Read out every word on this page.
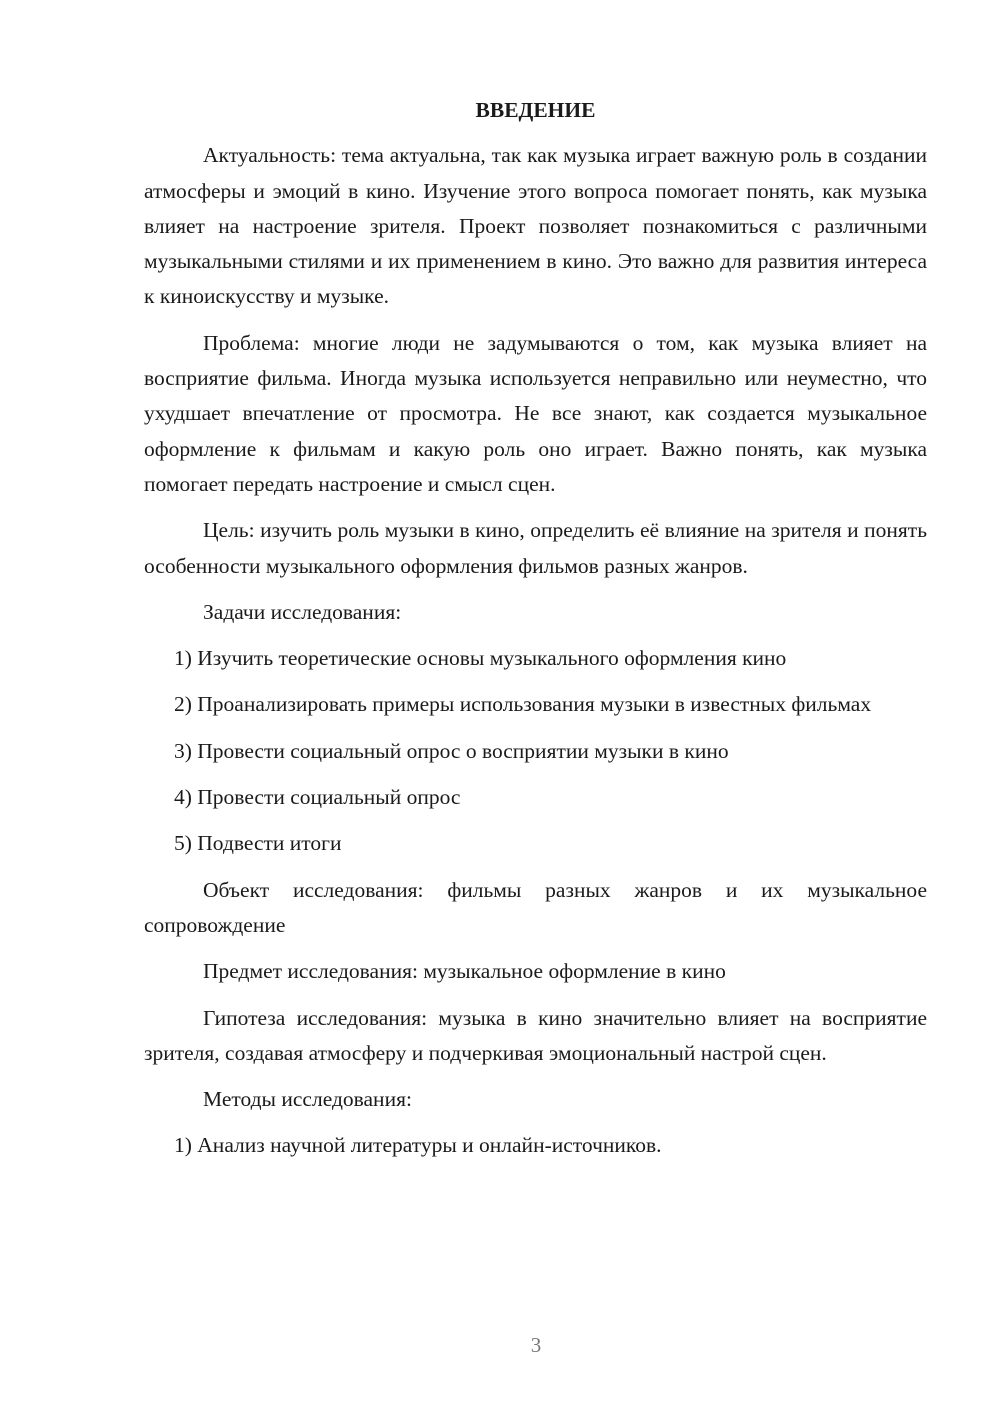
ВВЕДЕНИЕ
Актуальность: тема актуальна, так как музыка играет важную роль в создании атмосферы и эмоций в кино. Изучение этого вопроса помогает понять, как музыка влияет на настроение зрителя. Проект позволяет познакомиться с различными музыкальными стилями и их применением в кино. Это важно для развития интереса к киноискусству и музыке.
Проблема: многие люди не задумываются о том, как музыка влияет на восприятие фильма. Иногда музыка используется неправильно или неуместно, что ухудшает впечатление от просмотра. Не все знают, как создается музыкальное оформление к фильмам и какую роль оно играет. Важно понять, как музыка помогает передать настроение и смысл сцен.
Цель: изучить роль музыки в кино, определить её влияние на зрителя и понять особенности музыкального оформления фильмов разных жанров.
Задачи исследования:
1) Изучить теоретические основы музыкального оформления кино
2) Проанализировать примеры использования музыки в известных фильмах
3) Провести социальный опрос о восприятии музыки в кино
4) Провести социальный опрос
5) Подвести итоги
Объект исследования: фильмы разных жанров и их музыкальное сопровождение
Предмет исследования: музыкальное оформление в кино
Гипотеза исследования: музыка в кино значительно влияет на восприятие зрителя, создавая атмосферу и подчеркивая эмоциональный настрой сцен.
Методы исследования:
1) Анализ научной литературы и онлайн-источников.
3
